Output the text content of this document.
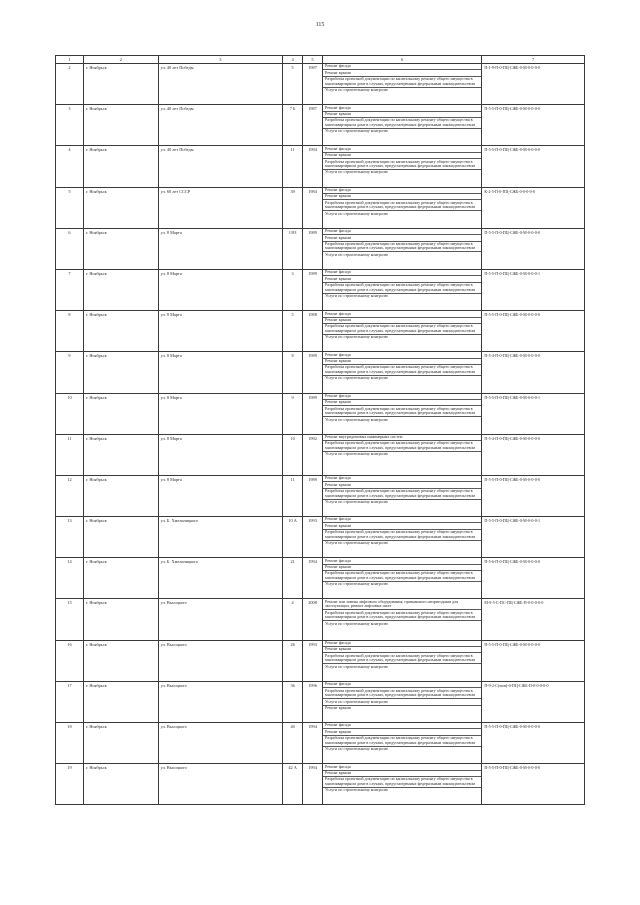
115
1	2	3	4	5	6	7
2	г. Ноябрьск	ул. 40 лет Победы	5	1987	Ремонт фасада
Ремонт крыши
Разработка проектной документации по капитальному ремонту общего имущества в многоквартирном доме в случаях, предусмотренных федеральным законодательством
Услуги по строительному контролю
П-1-9-П-0-ПЦ-СЖБ-0-М-0-0-0-0
3	г. Ноябрьск	ул. 40 лет Победы	7 Б	1987	Ремонт фасада
Ремонт крыши
Разработка проектной документации по капитальному ремонту общего имущества в многоквартирном доме в случаях, предусмотренных федеральным законодательством
Услуги по строительному контролю
П-5-5-П-0-ПЦ-СЖБ-0-М-0-0-0-0
4	г. Ноябрьск	ул. 40 лет Победы	11	1994	Ремонт фасада
Ремонт крыши
Разработка проектной документации по капитальному ремонту общего имущества в многоквартирном доме в случаях, предусмотренных федеральным законодательством
Услуги по строительному контролю
П-5-5-П-0-ПЦ-СЖБ-0-М-0-0-0-0
5	г. Ноябрьск	ул. 60 лет СССР	39	1984	Ремонт фасада
Ремонт крыши
Разработка проектной документации по капитальному ремонту общего имущества в многоквартирном доме в случаях, предусмотренных федеральным законодательством
Услуги по строительному контролю
К-2-5-П-0-ПЦ-СЖБ-0-0-0-0-0
6	г. Ноябрьск	ул. 8 Марта	1/83	1989	Ремонт фасада
Ремонт крыши
Разработка проектной документации по капитальному ремонту общего имущества в многоквартирном доме в случаях, предусмотренных федеральным законодательством
Услуги по строительному контролю
П-5-5-П-0-ПЦ-СЖБ-0-М-0-0-0-0
7	г. Ноябрьск	ул. 8 Марта	3	1989	Ремонт фасада
Ремонт крыши
Разработка проектной документации по капитальному ремонту общего имущества в многоквартирном доме в случаях, предусмотренных федеральным законодательством
Услуги по строительному контролю
П-5-5-П-0-ПЦ-СЖБ-0-М-0-0-0-1
8	г. Ноябрьск	ул. 8 Марта	5	1988	Ремонт фасада
Ремонт крыши
Разработка проектной документации по капитальному ремонту общего имущества в многоквартирном доме в случаях, предусмотренных федеральным законодательством
Услуги по строительному контролю
П-5-5-П-0-ПЦ-СЖБ-0-М-0-0-0-0
9	г. Ноябрьск	ул. 8 Марта	8	1989	Ремонт фасада
Ремонт крыши
Разработка проектной документации по капитальному ремонту общего имущества в многоквартирном доме в случаях, предусмотренных федеральным законодательством
Услуги по строительному контролю
П-5-4-П-0-ПЦ-СЖБ-0-М-0-0-0-0
10	г. Ноябрьск	ул. 8 Марта	9	1989	Ремонт фасада
Ремонт крыши
Разработка проектной документации по капитальному ремонту общего имущества в многоквартирном доме в случаях, предусмотренных федеральным законодательством
Услуги по строительному контролю
П-5-5-П-0-ПЦ-СЖБ-0-М-0-0-0-1
11	г. Ноябрьск	ул. 8 Марта	10	1992	Ремонт внутридомовых инженерных систем
Разработка проектной документации по капитальному ремонту общего имущества в многоквартирном доме в случаях, предусмотренных федеральным законодательством
Услуги по строительному контролю
П-5-4-П-0-ПЦ-СЖБ-0-М-0-0-0-0
12	г. Ноябрьск	ул. 8 Марта	11	1989	Ремонт фасада
Ремонт крыши
Разработка проектной документации по капитальному ремонту общего имущества в многоквартирном доме в случаях, предусмотренных федеральным законодательством
Услуги по строительному контролю
П-5-5-П-0-ПЦ-СЖБ-0-М-0-0-0-0
13	г. Ноябрьск	ул. Б. Хмельницкого	10 А	1993	Ремонт фасада
Ремонт крыши
Разработка проектной документации по капитальному ремонту общего имущества в многоквартирном доме в случаях, предусмотренных федеральным законодательством
Услуги по строительному контролю
П-5-5-П-0-ПЦ-СЖБ-0-М-0-0-0-1
14	г. Ноябрьск	ул. Б. Хмельницкого	21	1994	Ремонт фасада
Ремонт крыши
Разработка проектной документации по капитальному ремонту общего имущества в многоквартирном доме в случаях, предусмотренных федеральным законодательством
Услуги по строительному контролю
П-5-6-П-0-ПЦ-СЖБ-0-М-0-0-0-0
15	г. Ноябрьск	ул. Высоцкого	4	2008	Ремонт или замена лифтового оборудования, признанного непригодным для эксплуатации, ремонт лифтовых шахт
Разработка проектной документации по капитальному ремонту общего имущества в многоквартирном доме в случаях, предусмотренных федеральным законодательством
Услуги по строительному контролю
М-9-5-С-ПС-ПЦ-СЖБ-П-0-0-0-0-0
16	г. Ноябрьск	ул. Высоцкого	26	1993	Ремонт фасада
Ремонт крыши
Разработка проектной документации по капитальному ремонту общего имущества в многоквартирном доме в случаях, предусмотренных федеральным законодательством
Услуги по строительному контролю
П-5-5-П-0-ПЦ-СЖБ-0-М-0-0-0-0
17	г. Ноябрьск	ул. Высоцкого	36	1996	Ремонт фасада
Разработка проектной документации по капитальному ремонту общего имущества в многоквартирном доме в случаях, предусмотренных федеральным законодательством
Услуги по строительному контролю
Ремонт крыши
П-9-2-С(мон)-0-ПЦ-СЖБ-П-0-0-0-0-0
18	г. Ноябрьск	ул. Высоцкого	40	1994	Ремонт фасада
Ремонт крыши
Разработка проектной документации по капитальному ремонту общего имущества в многоквартирном доме в случаях, предусмотренных федеральным законодательством
Услуги по строительному контролю
П-5-5-П-0-ПЦ-СЖБ-0-М-0-0-0-0
19	г. Ноябрьск	ул. Высоцкого	42 А	1994	Ремонт фасада
Ремонт крыши
Разработка проектной документации по капитальному ремонту общего имущества в многоквартирном доме в случаях, предусмотренных федеральным законодательством
Услуги по строительному контролю
П-5-5-П-0-ПЦ-СЖБ-0-М-0-0-0-0
